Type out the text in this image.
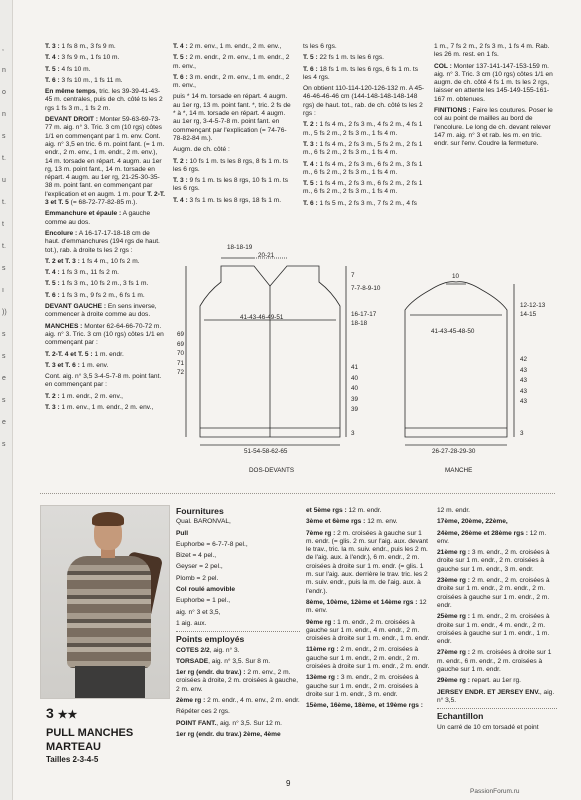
,
n
o
n
s
t.
u
t.
t
t.
s
ı
))
s
s
e
s
e
s

T. 3 : 1 fs 8 m., 3 fs 9 m.

T. 4 : 3 fs 9 m., 1 fs 10 m.

T. 5 : 4 fs 10 m.

T. 6 : 3 fs 10 m., 1 fs 11 m.

En même temps, tric. les 39-39-41-43-45 m. centrales, puis de ch. côté ts les 2 rgs 1 fs 3 m., 1 fs 2 m.

DEVANT DROIT : Monter 59-63-69-73-77 m. aig. n° 3. Tric. 3 cm (10 rgs) côtes 1/1 en commençant par 1 m. env. Cont. aig. n° 3,5 en tric. 6 m. point fant. (= 1 m. endr., 2 m. env., 1 m. endr., 2 m. env.), 14 m. torsade en répart. 4 augm. au 1er rg, 13 m. point fant., 14 m. torsade en répart. 4 augm. au 1er rg, 21-25-30-35-38 m. point fant. en commençant par l'explication et en augm. 1 m. pour T. 2-T. 3 et T. 5 (= 68-72-77-82-85 m.).

Emmanchure et épaule : A gauche comme au dos.

Encolure : A 16-17-17-18-18 cm de haut. d'emmanchures (194 rgs de haut. tot.), rab. à droite ts les 2 rgs :

T. 2 et T. 3 : 1 fs 4 m., 10 fs 2 m.

T. 4 : 1 fs 3 m., 11 fs 2 m.

T. 5 : 1 fs 3 m., 10 fs 2 m., 3 fs 1 m.

T. 6 : 1 fs 3 m., 9 fs 2 m., 6 fs 1 m.

DEVANT GAUCHE : En sens inverse, commencer à droite comme au dos.

MANCHES : Monter 62-64-66-70-72 m. aig. n° 3. Tric. 3 cm (10 rgs) côtes 1/1 en commençant par :

T. 2-T. 4 et T. 5 : 1 m. endr.

T. 3 et T. 6 : 1 m. env.

Cont. aig. n° 3,5 3-4-5-7-8 m. point fant. en commençant par :

T. 2 : 1 m. endr., 2 m. env.,

T. 3 : 1 m. env., 1 m. endr., 2 m. env.,

T. 4 : 2 m. env., 1 m. endr., 2 m. env.,

T. 5 : 2 m. endr., 2 m. env., 1 m. endr., 2 m. env.,

T. 6 : 3 m. endr., 2 m. env., 1 m. endr., 2 m. env.,

puis * 14 m. torsade en répart. 4 augm. au 1er rg, 13 m. point fant. *, tric. 2 fs de * à *, 14 m. torsade en répart. 4 augm. au 1er rg, 3-4-5-7-8 m. point fant. en commençant par l'explication (= 74-76-78-82-84 m.).

Augm. de ch. côté :

T. 2 : 10 fs 1 m. ts les 8 rgs, 8 fs 1 m. ts les 6 rgs.

T. 3 : 9 fs 1 m. ts les 8 rgs, 10 fs 1 m. ts les 6 rgs.

T. 4 : 3 fs 1 m. ts les 8 rgs, 18 fs 1 m.

ts les 6 rgs.

T. 5 : 22 fs 1 m. ts les 6 rgs.

T. 6 : 18 fs 1 m. ts les 6 rgs, 6 fs 1 m. ts les 4 rgs.

On obtient 110-114-120-126-132 m. A 45-46-46-46-46 cm (144-148-148-148-148 rgs) de haut. tot., rab. de ch. côté ts les 2 rgs :

T. 2 : 1 fs 4 m., 2 fs 3 m., 4 fs 2 m., 4 fs 1 m., 5 fs 2 m., 2 fs 3 m., 1 fs 4 m.

T. 3 : 1 fs 4 m., 2 fs 3 m., 5 fs 2 m., 2 fs 1 m., 6 fs 2 m., 2 fs 3 m., 1 fs 4 m.

T. 4 : 1 fs 4 m., 2 fs 3 m., 6 fs 2 m., 3 fs 1 m., 6 fs 2 m., 2 fs 3 m., 1 fs 4 m.

T. 5 : 1 fs 4 m., 2 fs 3 m., 6 fs 2 m., 2 fs 1 m., 6 fs 2 m., 2 fs 3 m., 1 fs 4 m.

T. 6 : 1 fs 5 m., 2 fs 3 m., 7 fs 2 m., 4 fs

1 m., 7 fs 2 m., 2 fs 3 m., 1 fs 4 m. Rab. les 26 m. rest. en 1 fs.

COL : Monter 137-141-147-153-159 m. aig. n° 3. Tric. 3 cm (10 rgs) côtes 1/1 en augm. de ch. côté 4 fs 1 m. ts les 2 rgs, laisser en attente les 145-149-155-161-167 m. obtenues.

FINITIONS : Faire les coutures. Poser le col au point de mailles au bord de l'encolure. Le long de ch. devant relever 147 m. aig. n° 3 et rab. les m. en tric. endr. sur l'env. Coudre la fermeture.

18-18-19
20-21
7
7-7-8-9-10
16-17-17
18-18
41-43-46-49-51
69
69
70
71
72
41
40
40
39
39
3
51-54-58-62-65
DOS-DEVANTS
10
12-12-13
14-15
41-43-45-48-50
42
43
43
43
43
3
26-27-28-29-30
MANCHE
3 ★★
PULL MANCHES
MARTEAU
Tailles 2-3-4-5

Fournitures

Qual. BARONVAL,

Pull

Euphorbe = 6-7-7-8 pel.,

Bizet = 4 pel.,

Geyser = 2 pel.,

Plomb = 2 pel.

Col roulé amovible

Euphorbe = 1 pel.,

aig. n° 3 et 3,5,

1 aig. aux.

Points employés

COTES 2/2, aig. n° 3.

TORSADE, aig. n° 3,5. Sur 8 m.

1er rg (endr. du trav.) : 2 m. env., 2 m. croisées à droite, 2 m. croisées à gauche, 2 m. env.

2ème rg : 2 m. endr., 4 m. env., 2 m. endr.

Répéter ces 2 rgs.

POINT FANT., aig. n° 3,5. Sur 12 m.

1er rg (endr. du trav.) 2ème, 4ème

et 5ème rgs : 12 m. endr.

3ème et 6ème rgs : 12 m. env.

7ème rg : 2 m. croisées à gauche sur 1 m. endr. (= glis. 2 m. sur l'aig. aux. devant le trav., tric. la m. suiv. endr., puis les 2 m. de l'aig. aux. à l'endr.), 6 m. endr., 2 m. croisées à droite sur 1 m. endr. (= glis. 1 m. sur l'aig. aux. derrière le trav. tric. les 2 m. suiv. endr., puis la m. de l'aig. aux. à l'endr.).

8ème, 10ème, 12ème et 14ème rgs : 12 m. env.

9ème rg : 1 m. endr., 2 m. croisées à gauche sur 1 m. endr., 4 m. endr., 2 m. croisées à droite sur 1 m. endr., 1 m. endr.

11ème rg : 2 m. endr., 2 m. croisées à gauche sur 1 m. endr., 2 m. endr., 2 m. croisées à droite sur 1 m. endr., 2 m. endr.

13ème rg : 3 m. endr., 2 m. croisées à gauche sur 1 m. endr., 2 m. croisées à droite sur 1 m. endr., 3 m. endr.

15ème, 16ème, 18ème, et 19ème rgs :

12 m. endr.

17ème, 20ème, 22ème,

24ème, 26ème et 28ème rgs : 12 m. env.

21ème rg : 3 m. endr., 2 m. croisées à droite sur 1 m. endr., 2 m. croisées à gauche sur 1 m. endr., 3 m. endr.

23ème rg : 2 m. endr., 2 m. croisées à droite sur 1 m. endr., 2 m. endr., 2 m. croisées à gauche sur 1 m. endr., 2 m. endr.

25ème rg : 1 m. endr., 2 m. croisées à droite sur 1 m. endr., 4 m. endr., 2 m. croisées à gauche sur 1 m. endr., 1 m. endr.

27ème rg : 2 m. croisées à droite sur 1 m. endr., 6 m. endr., 2 m. croisées à gauche sur 1 m. endr.

29ème rg : repart. au 1er rg.

JERSEY ENDR. ET JERSEY ENV., aig. n° 3,5.

Echantillon

Un carré de 10 cm torsadé et point

9
PassionForum.ru
